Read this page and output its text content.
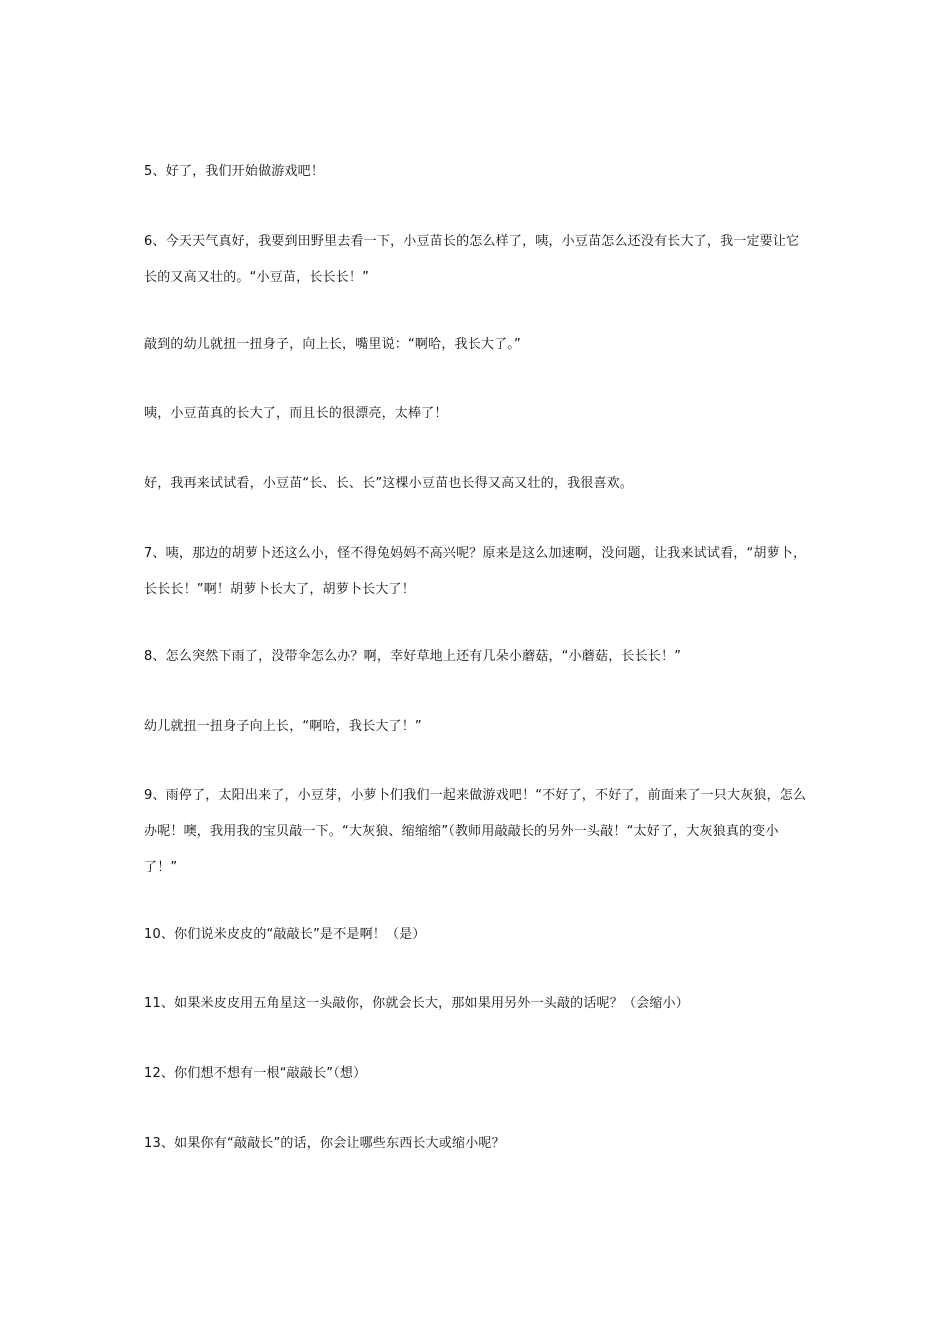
5、好了，我们开始做游戏吧！

6、今天天气真好，我要到田野里去看一下，小豆苗长的怎么样了，咦，小豆苗怎么还没有长大了，我一定要让它长的又高又壮的。“小豆苗，长长长！”

敲到的幼儿就扭一扭身子，向上长，嘴里说：“啊哈，我长大了。”

咦，小豆苗真的长大了，而且长的很漂亮，太棒了！

好，我再来试试看，小豆苗“长、长、长”这棵小豆苗也长得又高又壮的，我很喜欢。

7、咦，那边的胡萝卜还这么小，怪不得兔妈妈不高兴呢？原来是这么加速啊，没问题，让我来试试看，“胡萝卜，长长长！”啊！胡萝卜长大了，胡萝卜长大了！

8、怎么突然下雨了，没带伞怎么办？啊，幸好草地上还有几朵小蘑菇，“小蘑菇，长长长！”

幼儿就扭一扭身子向上长，“啊哈，我长大了！”

9、雨停了，太阳出来了，小豆芽，小萝卜们我们一起来做游戏吧！“不好了，不好了，前面来了一只大灰狼，怎么办呢！噢，我用我的宝贝敲一下。“大灰狼、缩缩缩”（教师用敲敲长的另外一头敲！“太好了，大灰狼真的变小了！”

10、你们说米皮皮的“敲敲长”是不是啊！（是）

11、如果米皮皮用五角星这一头敲你，你就会长大，那如果用另外一头敲的话呢？（会缩小）

12、你们想不想有一根“敲敲长”（想）

13、如果你有“敲敲长”的话，你会让哪些东西长大或缩小呢？
